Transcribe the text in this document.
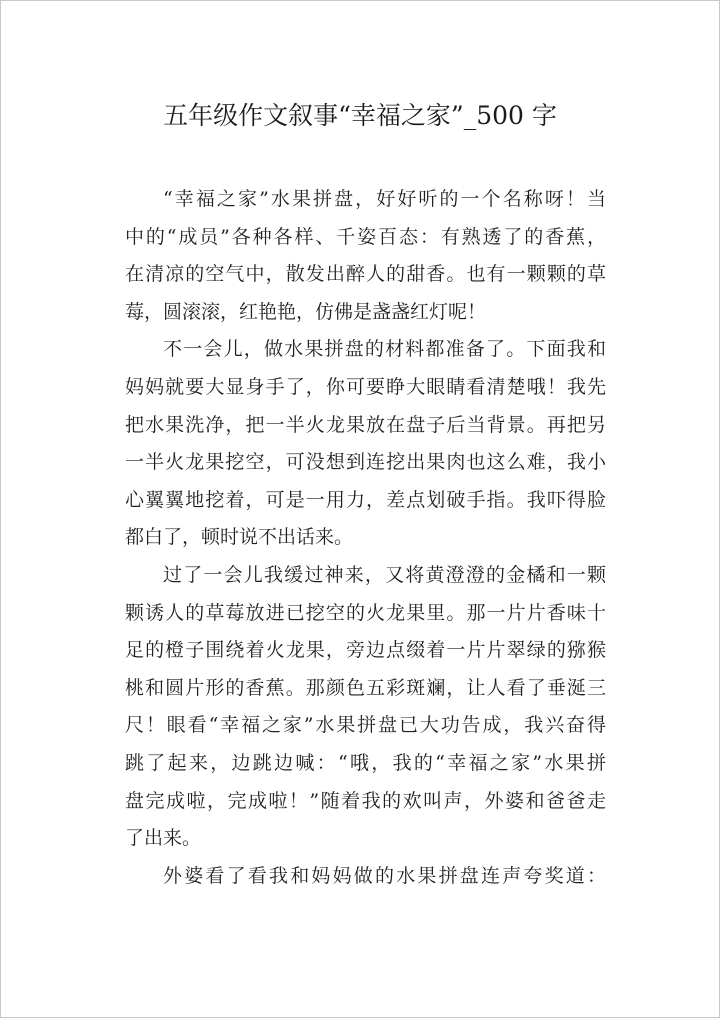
五年级作文叙事“幸福之家”_500 字

“幸福之家”水果拼盘，好好听的一个名称呀！当
中的“成员”各种各样、千姿百态：有熟透了的香蕉，
在清凉的空气中，散发出醉人的甜香。也有一颗颗的草
莓，圆滚滚，红艳艳，仿佛是盏盏红灯呢！

不一会儿，做水果拼盘的材料都准备了。下面我和
妈妈就要大显身手了，你可要睁大眼睛看清楚哦！我先
把水果洗净，把一半火龙果放在盘子后当背景。再把另
一半火龙果挖空，可没想到连挖出果肉也这么难，我小
心翼翼地挖着，可是一用力，差点划破手指。我吓得脸
都白了，顿时说不出话来。

过了一会儿我缓过神来，又将黄澄澄的金橘和一颗
颗诱人的草莓放进已挖空的火龙果里。那一片片香味十
足的橙子围绕着火龙果，旁边点缀着一片片翠绿的猕猴
桃和圆片形的香蕉。那颜色五彩斑斓，让人看了垂涎三
尺！眼看“幸福之家”水果拼盘已大功告成，我兴奋得
跳了起来，边跳边喊：“哦，我的“幸福之家”水果拼
盘完成啦，完成啦！”随着我的欢叫声，外婆和爸爸走
了出来。

外婆看了看我和妈妈做的水果拼盘连声夸奖道：
